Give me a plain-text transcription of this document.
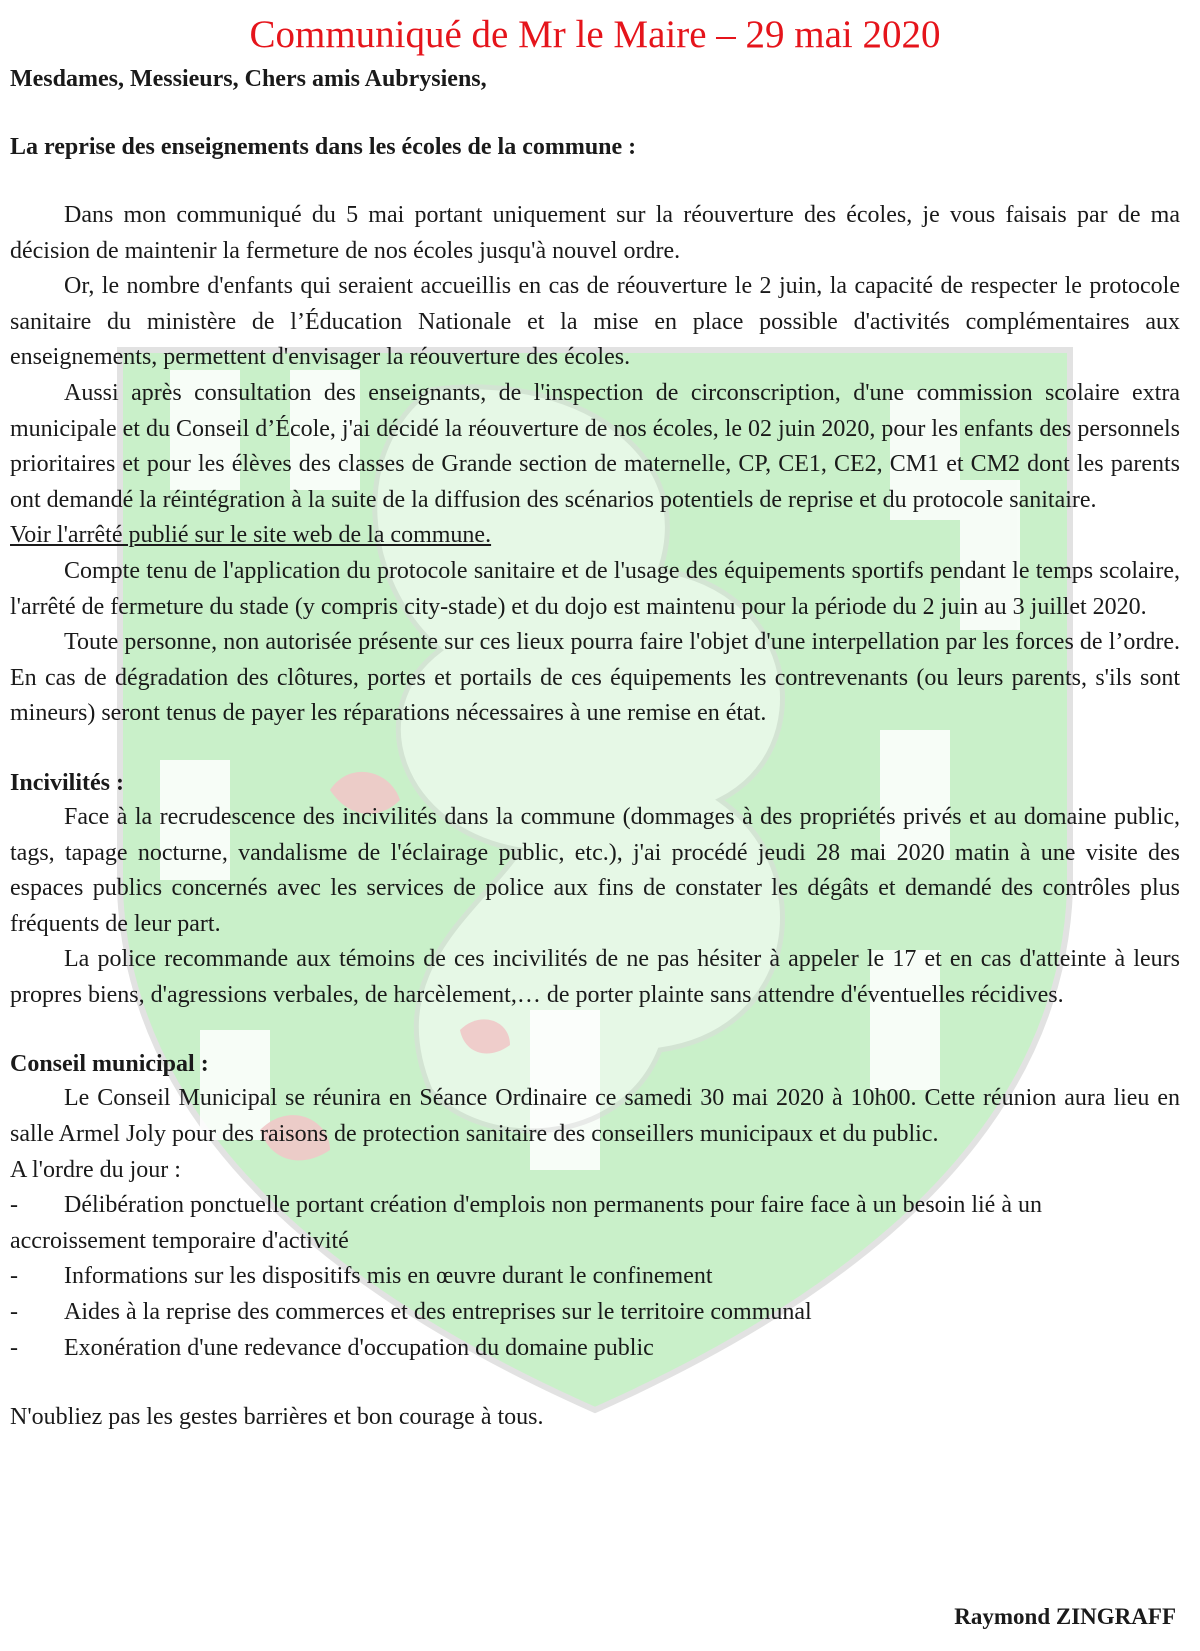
Communiqué de Mr le Maire – 29 mai 2020
Mesdames, Messieurs, Chers amis Aubrysiens,
La reprise des enseignements dans les écoles de la commune :

Dans mon communiqué du 5 mai portant uniquement sur la réouverture des écoles, je vous faisais par de ma décision de maintenir la fermeture de nos écoles jusqu'à nouvel ordre.

Or, le nombre d'enfants qui seraient accueillis en cas de réouverture le 2 juin, la capacité de respecter le protocole sanitaire du ministère de l’Éducation Nationale et la mise en place possible d'activités complémentaires aux enseignements, permettent d'envisager la réouverture des écoles.

Aussi après consultation des enseignants, de l'inspection de circonscription, d'une commission scolaire extra municipale et du Conseil d’École, j'ai décidé la réouverture de nos écoles, le 02 juin 2020, pour les enfants des personnels prioritaires et pour les élèves des classes de Grande section de maternelle, CP, CE1, CE2, CM1 et CM2 dont les parents ont demandé la réintégration à la suite de la diffusion des scénarios potentiels de reprise et du protocole sanitaire.

Voir l'arrêté publié sur le site web de la commune.

Compte tenu de l'application du protocole sanitaire et de l'usage des équipements sportifs pendant le temps scolaire, l'arrêté de fermeture du stade (y compris city-stade) et du dojo est maintenu pour la période du 2 juin au 3 juillet 2020.

Toute personne, non autorisée présente sur ces lieux pourra faire l'objet d'une interpellation par les forces de l’ordre. En cas de dégradation des clôtures, portes et portails de ces équipements les contrevenants (ou leurs parents, s'ils sont mineurs) seront tenus de payer les réparations nécessaires à une remise en état.

Incivilités :

Face à la recrudescence des incivilités dans la commune (dommages à des propriétés privés et au domaine public, tags, tapage nocturne, vandalisme de l'éclairage public, etc.), j'ai procédé jeudi 28 mai 2020 matin à une visite des espaces publics concernés avec les services de police aux fins de constater les dégâts et demandé des contrôles plus fréquents de leur part.

La police recommande aux témoins de ces incivilités de ne pas hésiter à appeler le 17 et en cas d'atteinte à leurs propres biens, d'agressions verbales, de harcèlement,… de porter plainte sans attendre d'éventuelles récidives.

Conseil municipal :

Le Conseil Municipal se réunira en Séance Ordinaire ce samedi 30 mai 2020 à 10h00. Cette réunion aura lieu en salle Armel Joly pour des raisons de protection sanitaire des conseillers municipaux et du public.

A l'ordre du jour :
-	Délibération ponctuelle portant création d'emplois non permanents pour faire face à un besoin lié à un
accroissement temporaire d'activité
-	Informations sur les dispositifs mis en œuvre durant le confinement
-	Aides à la reprise des commerces et des entreprises sur le territoire communal
-	Exonération d'une redevance d'occupation du domaine public

N'oubliez pas les gestes barrières et bon courage à tous.

Raymond ZINGRAFF
